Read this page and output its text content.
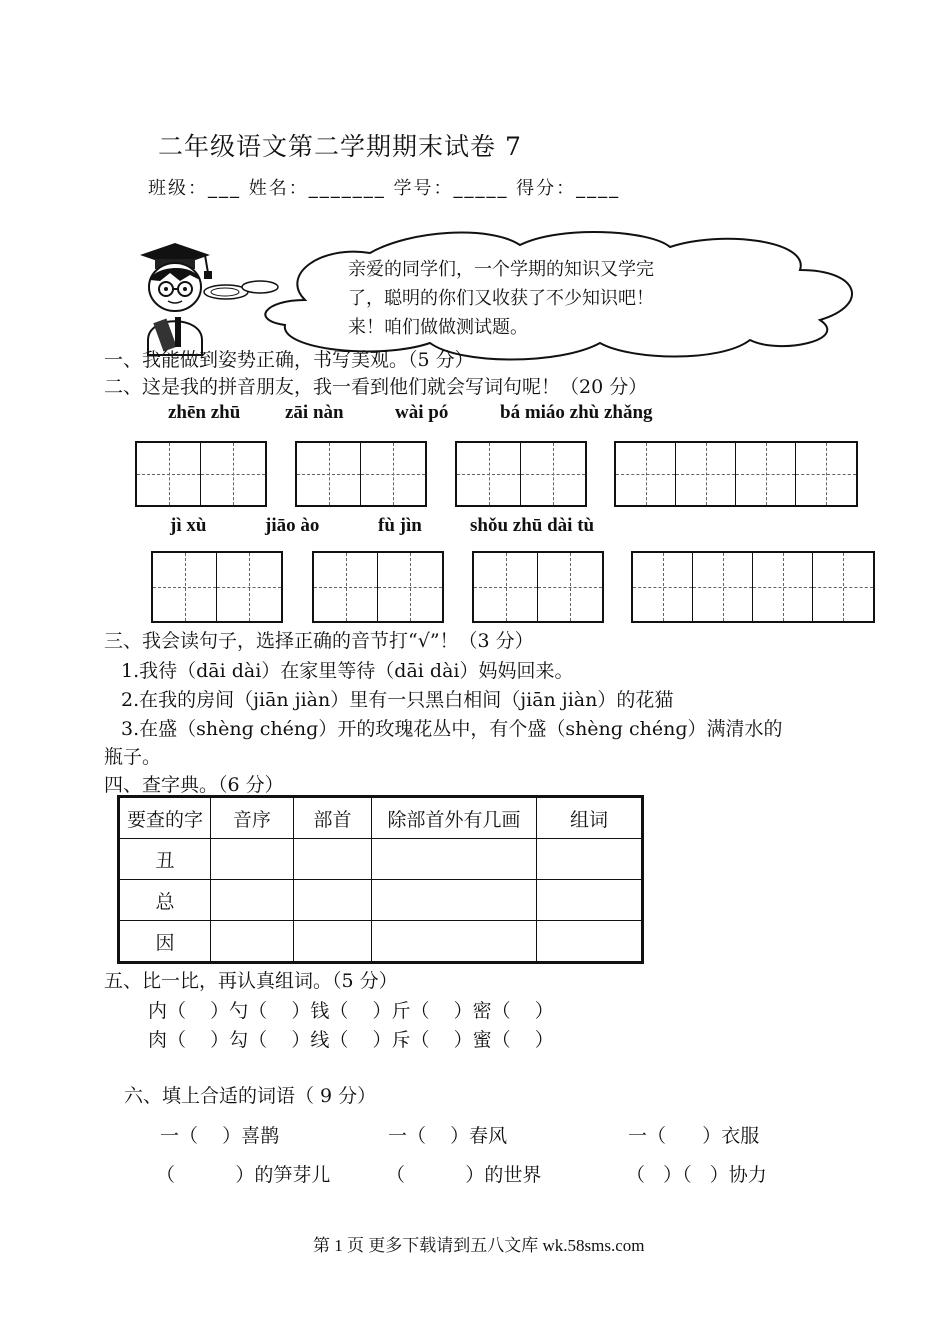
二年级语文第二学期期末试卷 7
班级：___ 姓名：_______ 学号：_____ 得分：____
亲爱的同学们，一个学期的知识又学完
了，聪明的你们又收获了不少知识吧！
来！咱们做做测试题。
一、我能做到姿势正确，书写美观。（5 分）
二、这是我的拼音朋友，我一看到他们就会写词句呢！（20 分）
zhēn zhū zāi nàn	wài pó	bá miáo zhù zhǎng
jì xù	jiāo ào	fù jìn	shǒu zhū dài tù
三、我会读句子，选择正确的音节打“√”！（3 分）
1.我待（dāi dài）在家里等待（dāi dài）妈妈回来。
2.在我的房间（jiān jiàn）里有一只黑白相间（jiān jiàn）的花猫
3.在盛（shènɡ chénɡ）开的玫瑰花丛中，有个盛（shènɡ chénɡ）满清水的
瓶子。
四、查字典。（6 分）
要查的字	音序	部首	除部首外有几画	组词
丑				
总				
因				
五、比一比，再认真组词。（5 分）
内（    ）勺（    ）钱（    ）斤（    ）密（    ）
肉（    ）勾（    ）线（    ）斥（    ）蜜（    ）
六、填上合适的词语（ 9 分）
一（    ）喜鹊	一（    ）春风	一（      ）衣服
（          ）的笋芽儿	（          ）的世界	（   ）（   ）协力
第 1 页 更多下载请到五八文库 wk.58sms.com
